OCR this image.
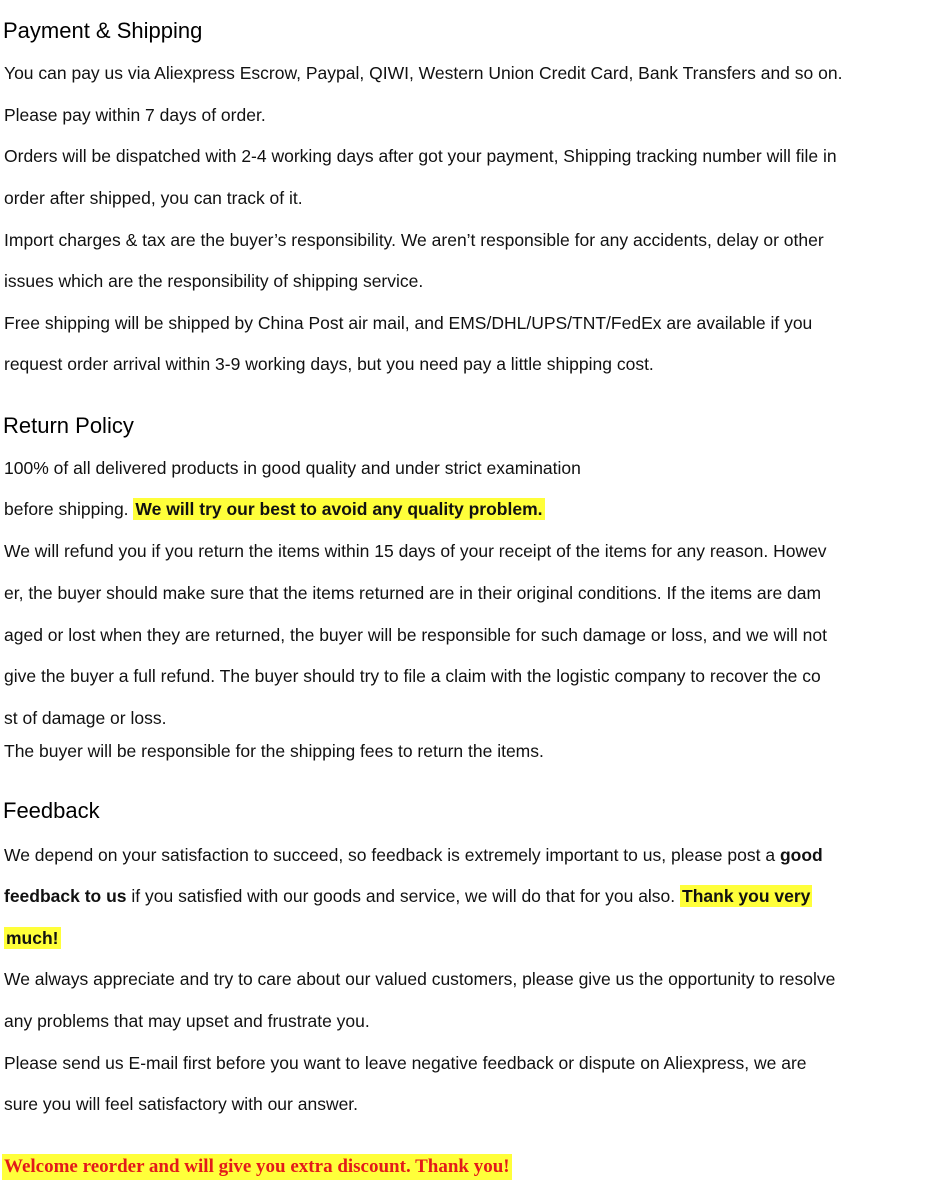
Payment & Shipping
You can pay us via Aliexpress Escrow, Paypal, QIWI, Western Union Credit Card, Bank Transfers and so on.
Please pay within 7 days of order.
Orders will be dispatched with 2-4 working days after got your payment, Shipping tracking number will file in
order after shipped, you can track of it.
Import charges & tax are the buyer’s responsibility. We aren’t responsible for any accidents, delay or other
issues which are the responsibility of shipping service.
Free shipping will be shipped by China Post air mail, and EMS/DHL/UPS/TNT/FedEx are available if you
request order arrival within 3-9 working days, but you need pay a little shipping cost.
Return Policy
100% of all delivered products in good quality and under strict examination
before shipping. We will try our best to avoid any quality problem.
We will refund you if you return the items within 15 days of your receipt of the items for any reason. Howev
er, the buyer should make sure that the items returned are in their original conditions. If the items are dam
aged or lost when they are returned, the buyer will be responsible for such damage or loss, and we will not
give the buyer a full refund. The buyer should try to file a claim with the logistic company to recover the co
st of damage or loss.
The buyer will be responsible for the shipping fees to return the items.
Feedback
We depend on your satisfaction to succeed, so feedback is extremely important to us, please post a good
feedback to us if you satisfied with our goods and service, we will do that for you also. Thank you very
much!
We always appreciate and try to care about our valued customers, please give us the opportunity to resolve
any problems that may upset and frustrate you.
Please send us E-mail first before you want to leave negative feedback or dispute on Aliexpress, we are
sure you will feel satisfactory with our answer.
Welcome reorder and will give you extra discount. Thank you!
